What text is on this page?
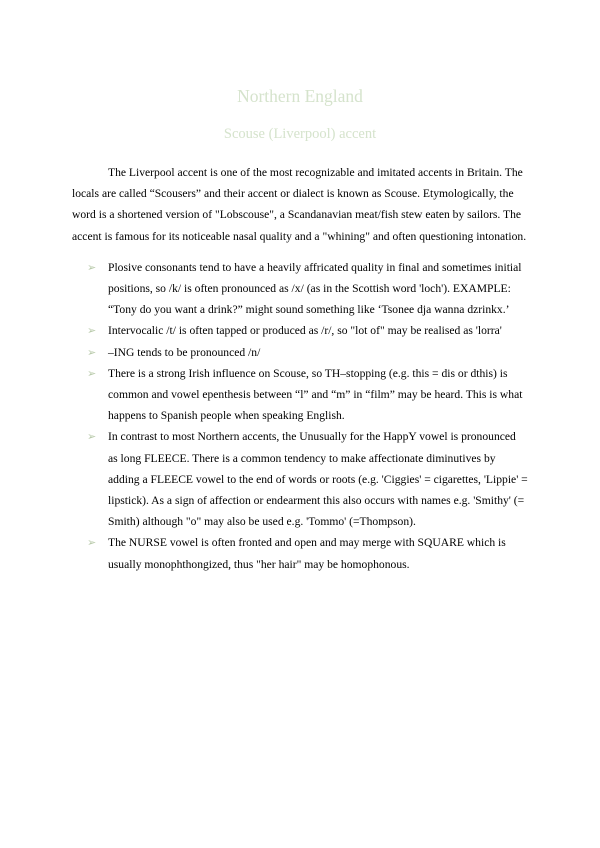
Northern England
Scouse (Liverpool) accent

The Liverpool accent is one of the most recognizable and imitated accents in Britain. The locals are called “Scousers” and their accent or dialect is known as Scouse. Etymologically, the word is a shortened version of "Lobscouse", a Scandanavian meat/fish stew eaten by sailors. The accent is famous for its noticeable nasal quality and a "whining" and often questioning intonation.

➢ Plosive consonants tend to have a heavily affricated quality in final and sometimes initial positions, so /k/ is often pronounced as /x/ (as in the Scottish word 'loch'). EXAMPLE: “Tony do you want a drink?” might sound something like ‘Tsonee dja wanna dzrinkx.’
➢ Intervocalic /t/ is often tapped or produced as /r/, so "lot of" may be realised as 'lorra'
➢ –ING tends to be pronounced /n/
➢ There is a strong Irish influence on Scouse, so TH–stopping (e.g. this = dis or dthis) is common and vowel epenthesis between “l” and “m” in “film” may be heard. This is what happens to Spanish people when speaking English.
➢ In contrast to most Northern accents, the Unusually for the HappY vowel is pronounced as long FLEECE. There is a common tendency to make affectionate diminutives by adding a FLEECE vowel to the end of words or roots (e.g. 'Ciggies' = cigarettes, 'Lippie' = lipstick). As a sign of affection or endearment this also occurs with names e.g. 'Smithy' (= Smith) although "o" may also be used e.g. 'Tommo' (=Thompson).
➢ The NURSE vowel is often fronted and open and may merge with SQUARE which is usually monophthongized, thus "her hair" may be homophonous.
